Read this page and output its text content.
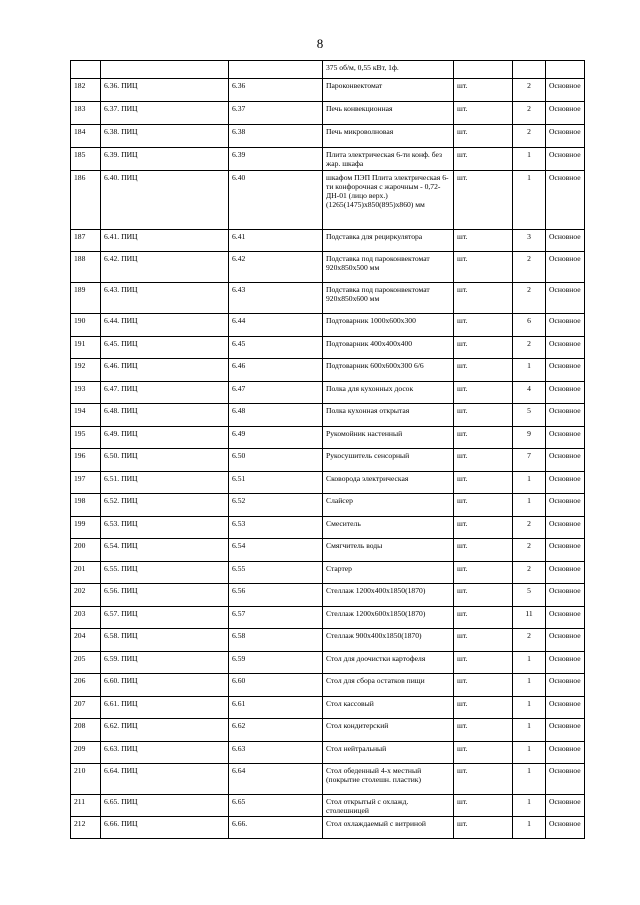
8
			375 об/м, 0,55 кВт, 1ф.			
182	6.36. ПИЦ	6.36	Пароконвектомат	шт.	2	Основное
183	6.37. ПИЦ	6.37	Печь конвекционная	шт.	2	Основное
184	6.38. ПИЦ	6.38	Печь микроволновая	шт.	2	Основное
185	6.39. ПИЦ	6.39	Плита электрическая 6-ти конф. без жар. шкафа	шт.	1	Основное
186	6.40. ПИЦ	6.40	шкафом ПЭП Плита электрическая 6-ти конфорочная с жарочным - 0,72-ДН-01 (лицо верх.) (1265(1475)х850(895)х860) мм	шт.	1	Основное
187	6.41. ПИЦ	6.41	Подставка для рециркулятора	шт.	3	Основное
188	6.42. ПИЦ	6.42	Подставка под пароконвектомат 920х850х500 мм	шт.	2	Основное
189	6.43. ПИЦ	6.43	Подставка под пароконвектомат 920х850х600 мм	шт.	2	Основное
190	6.44. ПИЦ	6.44	Подтоварник 1000х600х300	шт.	6	Основное
191	6.45. ПИЦ	6.45	Подтоварник 400х400х400	шт.	2	Основное
192	6.46. ПИЦ	6.46	Подтоварник 600х600х300 6/6	шт.	1	Основное
193	6.47. ПИЦ	6.47	Полка для кухонных досок	шт.	4	Основное
194	6.48. ПИЦ	6.48	Полка кухонная открытая	шт.	5	Основное
195	6.49. ПИЦ	6.49	Рукомойник настенный	шт.	9	Основное
196	6.50. ПИЦ	6.50	Рукосушитель сенсорный	шт.	7	Основное
197	6.51. ПИЦ	6.51	Сковорода электрическая	шт.	1	Основное
198	6.52. ПИЦ	6.52	Слайсер	шт.	1	Основное
199	6.53. ПИЦ	6.53	Смеситель	шт.	2	Основное
200	6.54. ПИЦ	6.54	Смягчитель воды	шт.	2	Основное
201	6.55. ПИЦ	6.55	Стартер	шт.	2	Основное
202	6.56. ПИЦ	6.56	Стеллаж 1200х400х1850(1870)	шт.	5	Основное
203	6.57. ПИЦ	6.57	Стеллаж 1200х600х1850(1870)	шт.	11	Основное
204	6.58. ПИЦ	6.58	Стеллаж 900х400х1850(1870)	шт.	2	Основное
205	6.59. ПИЦ	6.59	Стол для доочистки картофеля	шт.	1	Основное
206	6.60. ПИЦ	6.60	Стол для сбора остатков пищи	шт.	1	Основное
207	6.61. ПИЦ	6.61	Стол кассовый	шт.	1	Основное
208	6.62. ПИЦ	6.62	Стол кондитерский	шт.	1	Основное
209	6.63. ПИЦ	6.63	Стол нейтральный	шт.	1	Основное
210	6.64. ПИЦ	6.64	Стол обеденный 4-х местный (покрытие столешн. пластик)	шт.	1	Основное
211	6.65. ПИЦ	6.65	Стол открытый с охлажд. столешницей	шт.	1	Основное
212	6.66. ПИЦ	6.66.	Стол охлаждаемый с витриной	шт.	1	Основное
